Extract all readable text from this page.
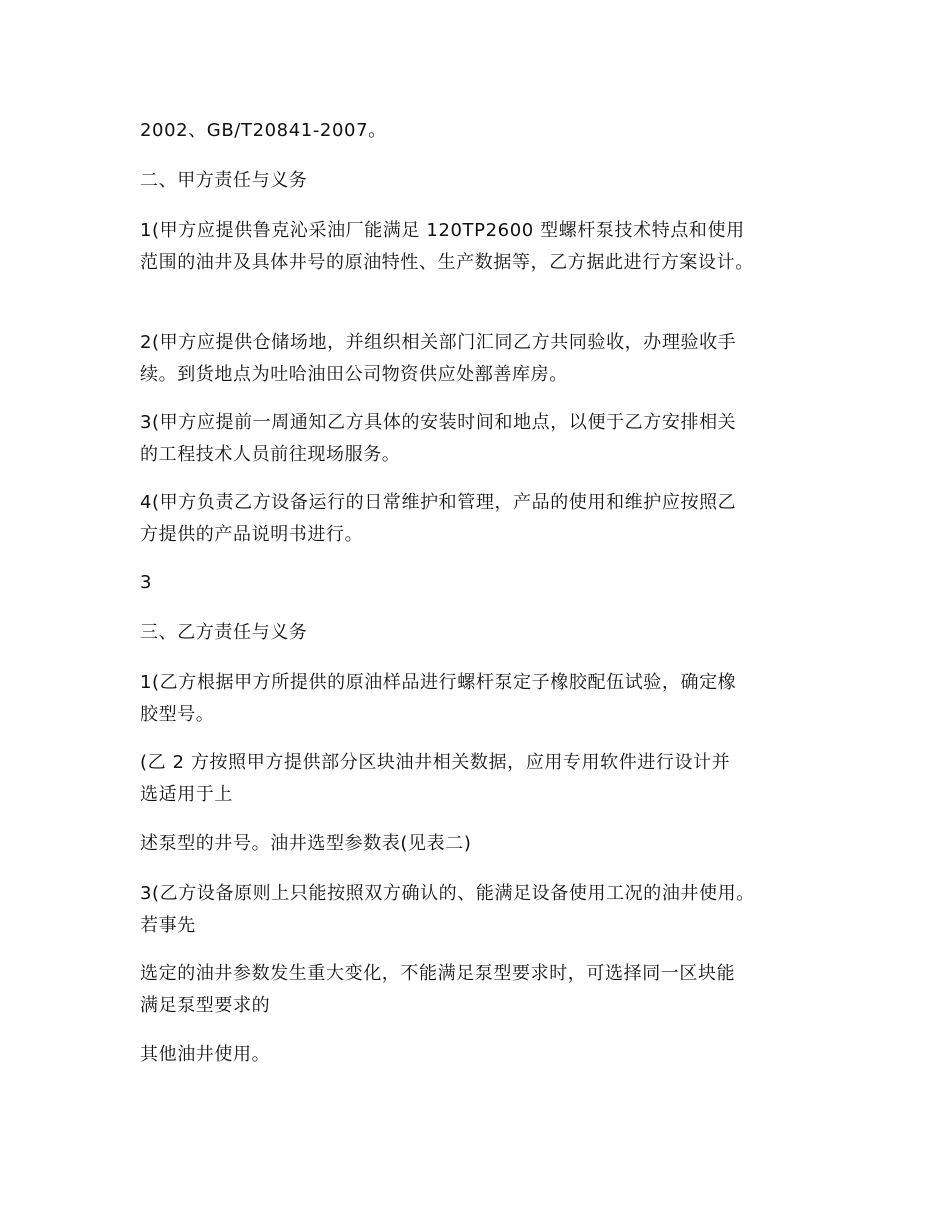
2002、GB/T20841-2007。

二、甲方责任与义务

1(甲方应提供鲁克沁采油厂能满足 120TP2600 型螺杆泵技术特点和使用
范围的油井及具体井号的原油特性、生产数据等，乙方据此进行方案设计。

2(甲方应提供仓储场地，并组织相关部门汇同乙方共同验收，办理验收手
续。到货地点为吐哈油田公司物资供应处鄯善库房。

3(甲方应提前一周通知乙方具体的安装时间和地点，以便于乙方安排相关
的工程技术人员前往现场服务。

4(甲方负责乙方设备运行的日常维护和管理，产品的使用和维护应按照乙
方提供的产品说明书进行。

3

三、乙方责任与义务

1(乙方根据甲方所提供的原油样品进行螺杆泵定子橡胶配伍试验，确定橡
胶型号。

(乙 2 方按照甲方提供部分区块油井相关数据，应用专用软件进行设计并
选适用于上

述泵型的井号。油井选型参数表(见表二)

3(乙方设备原则上只能按照双方确认的、能满足设备使用工况的油井使用。
若事先

选定的油井参数发生重大变化，不能满足泵型要求时，可选择同一区块能
满足泵型要求的

其他油井使用。
